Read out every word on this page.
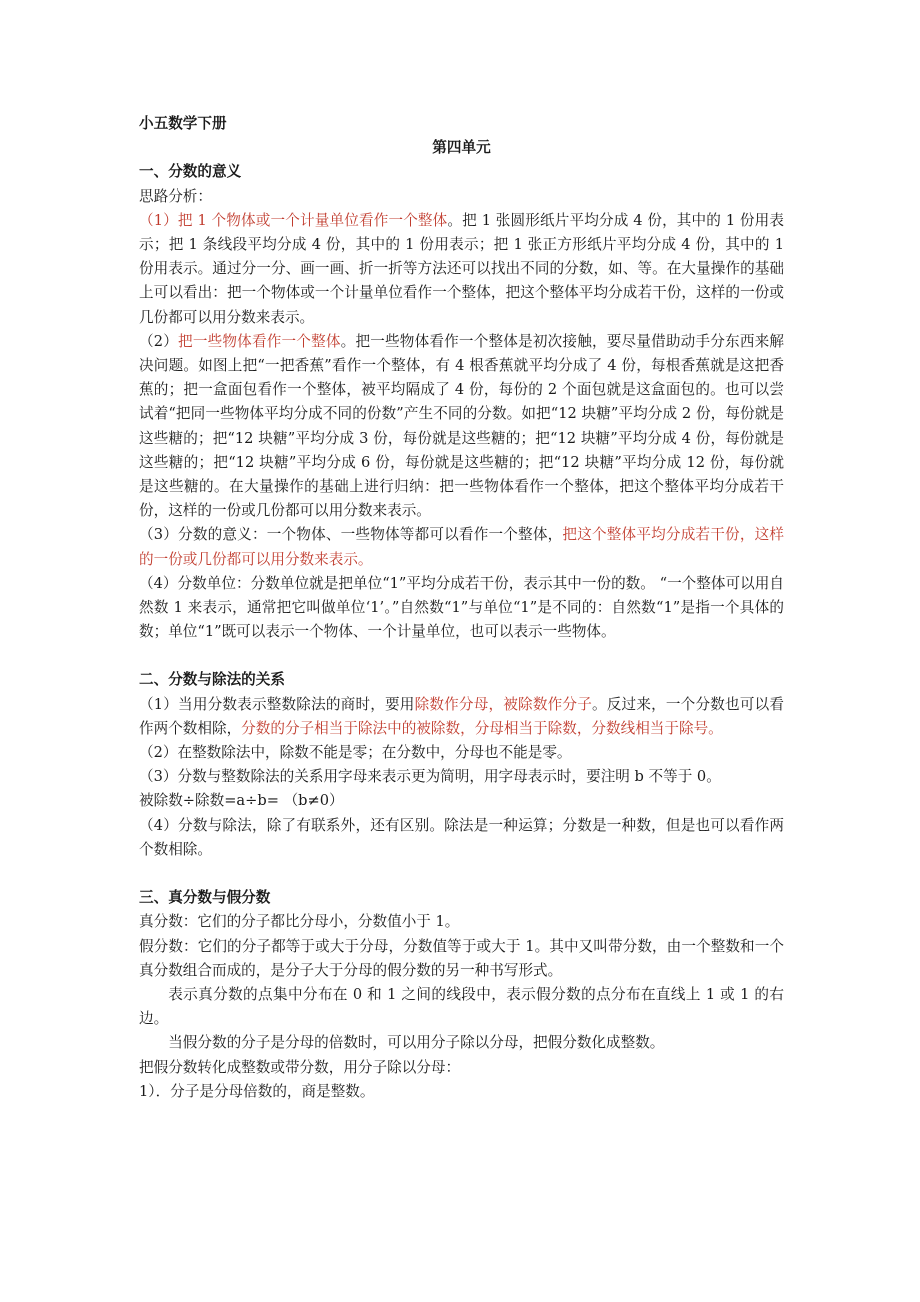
小五数学下册

第四单元

一、分数的意义

思路分析：

（1）把 1 个物体或一个计量单位看作一个整体。把 1 张圆形纸片平均分成 4 份，其中的 1 份用表示；把 1 条线段平均分成 4 份，其中的 1 份用表示；把 1 张正方形纸片平均分成 4 份，其中的 1 份用表示。通过分一分、画一画、折一折等方法还可以找出不同的分数，如、等。在大量操作的基础上可以看出：把一个物体或一个计量单位看作一个整体，把这个整体平均分成若干份，这样的一份或几份都可以用分数来表示。

（2）把一些物体看作一个整体。把一些物体看作一个整体是初次接触，要尽量借助动手分东西来解决问题。如图上把“一把香蕉”看作一个整体，有 4 根香蕉就平均分成了 4 份，每根香蕉就是这把香蕉的；把一盒面包看作一个整体，被平均隔成了 4 份，每份的 2 个面包就是这盒面包的。也可以尝试着“把同一些物体平均分成不同的份数”产生不同的分数。如把“12 块糖”平均分成 2 份，每份就是这些糖的；把“12 块糖”平均分成 3 份，每份就是这些糖的；把“12 块糖”平均分成 4 份，每份就是这些糖的；把“12 块糖”平均分成 6 份，每份就是这些糖的；把“12 块糖”平均分成 12 份，每份就是这些糖的。在大量操作的基础上进行归纳：把一些物体看作一个整体，把这个整体平均分成若干份，这样的一份或几份都可以用分数来表示。

（3）分数的意义：一个物体、一些物体等都可以看作一个整体，把这个整体平均分成若干份，这样的一份或几份都可以用分数来表示。

（4）分数单位：分数单位就是把单位“1”平均分成若干份，表示其中一份的数。 “一个整体可以用自然数 1 来表示，通常把它叫做单位‘1’。”自然数“1”与单位“1”是不同的：自然数“1”是指一个具体的数；单位“1”既可以表示一个物体、一个计量单位，也可以表示一些物体。

二、分数与除法的关系

（1）当用分数表示整数除法的商时，要用除数作分母，被除数作分子。反过来，一个分数也可以看作两个数相除，分数的分子相当于除法中的被除数，分母相当于除数，分数线相当于除号。

（2）在整数除法中，除数不能是零；在分数中，分母也不能是零。

（3）分数与整数除法的关系用字母来表示更为简明，用字母表示时，要注明 b 不等于 0。

被除数÷除数=a÷b= （b≠0）

（4）分数与除法，除了有联系外，还有区别。除法是一种运算；分数是一种数，但是也可以看作两个数相除。

三、真分数与假分数

真分数：它们的分子都比分母小，分数值小于 1。

假分数：它们的分子都等于或大于分母，分数值等于或大于 1。其中又叫带分数，由一个整数和一个真分数组合而成的，是分子大于分母的假分数的另一种书写形式。

表示真分数的点集中分布在 0 和 1 之间的线段中，表示假分数的点分布在直线上 1 或 1 的右边。

当假分数的分子是分母的倍数时，可以用分子除以分母，把假分数化成整数。

把假分数转化成整数或带分数，用分子除以分母：

1）．分子是分母倍数的，商是整数。
